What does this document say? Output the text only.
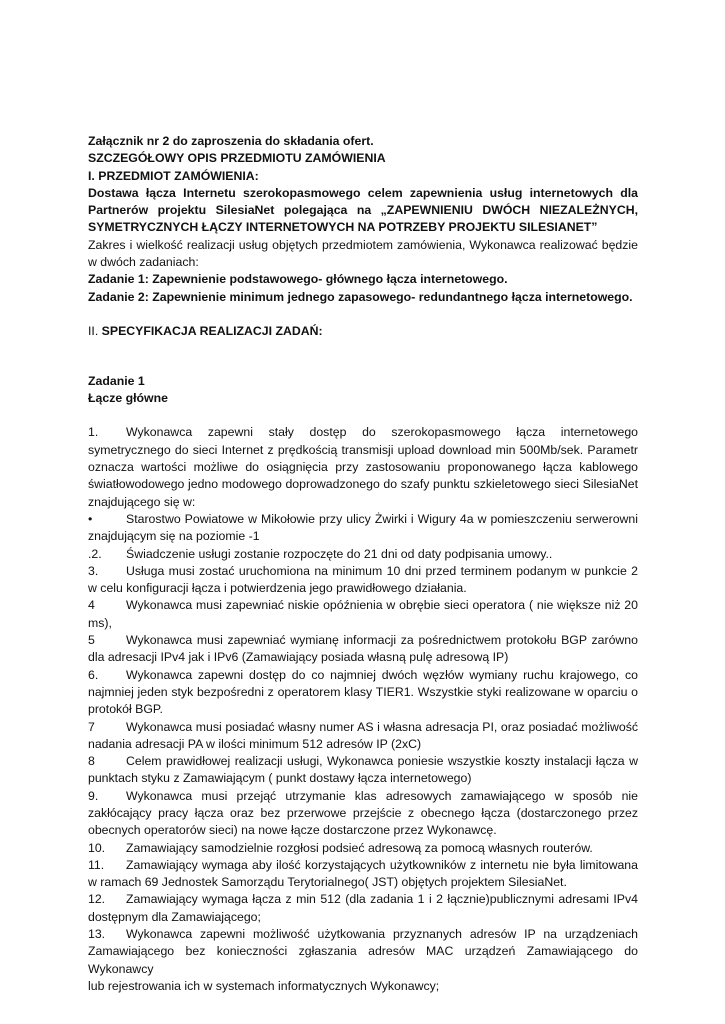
Załącznik nr 2 do zaproszenia do składania ofert.
SZCZEGÓŁOWY OPIS PRZEDMIOTU ZAMÓWIENIA
I. PRZEDMIOT ZAMÓWIENIA:
Dostawa łącza Internetu szerokopasmowego celem zapewnienia usług internetowych dla
Partnerów projektu SilesiaNet polegająca na „ZAPEWNIENIU DWÓCH NIEZALEŻNYCH,
SYMETRYCZNYCH ŁĄCZY INTERNETOWYCH NA POTRZEBY PROJEKTU SILESIANET”
Zakres i wielkość realizacji usług objętych przedmiotem zamówienia, Wykonawca realizować będzie
w dwóch zadaniach:
Zadanie 1: Zapewnienie podstawowego- głównego łącza internetowego.
Zadanie 2: Zapewnienie minimum jednego zapasowego- redundantnego łącza internetowego.
II. SPECYFIKACJA REALIZACJI ZADAŃ:
Zadanie 1
Łącze główne
1.	Wykonawca zapewni stały dostęp do szerokopasmowego łącza internetowego
symetrycznego do sieci Internet z prędkością transmisji upload download min 500Mb/sek. Parametr
oznacza wartości możliwe do osiągnięcia przy zastosowaniu proponowanego łącza kablowego
światłowodowego jedno modowego doprowadzonego do szafy punktu szkieletowego sieci SilesiaNet
znajdującego się w:
•	Starostwo Powiatowe w Mikołowie przy ulicy Żwirki i Wigury 4a w pomieszczeniu serwerowni
znajdującym się na poziomie -1
.2.	Świadczenie usługi zostanie rozpoczęte do 21 dni od daty podpisania umowy..
3.	Usługa musi zostać uruchomiona na minimum 10 dni przed terminem podanym w punkcie 2
w celu konfiguracji łącza i potwierdzenia jego prawidłowego działania.
4	Wykonawca musi zapewniać niskie opóźnienia w obrębie sieci operatora ( nie większe niż 20
ms),
5	Wykonawca musi zapewniać wymianę informacji za pośrednictwem protokołu BGP zarówno
dla adresacji IPv4 jak i IPv6 (Zamawiający posiada własną pulę adresową IP)
6.	Wykonawca zapewni dostęp do co najmniej dwóch węzłów wymiany ruchu krajowego, co
najmniej jeden styk bezpośredni z operatorem klasy TIER1. Wszystkie styki realizowane w oparciu o
protokół BGP.
7	Wykonawca musi posiadać własny numer AS i własna adresacja PI, oraz posiadać możliwość
nadania adresacji PA w ilości minimum 512 adresów IP (2xC)
8	Celem prawidłowej realizacji usługi, Wykonawca poniesie wszystkie koszty instalacji łącza w
punktach styku z Zamawiającym ( punkt dostawy łącza internetowego)
9.	Wykonawca musi przejąć utrzymanie klas adresowych zamawiającego w sposób nie
zakłócający pracy łącza oraz bez przerwowe przejście z obecnego łącza (dostarczonego przez
obecnych operatorów sieci) na nowe łącze dostarczone przez Wykonawcę.
10.	Zamawiający samodzielnie rozgłosi podsieć adresową za pomocą własnych routerów.
11.	Zamawiający wymaga aby ilość korzystających użytkowników z internetu nie była limitowana
w ramach 69 Jednostek Samorządu Terytorialnego( JST) objętych projektem SilesiaNet.
12.	Zamawiający wymaga łącza z min 512 (dla zadania 1 i 2 łącznie)publicznymi adresami IPv4
dostępnym dla Zamawiającego;
13.	Wykonawca zapewni możliwość użytkowania przyznanych adresów IP na urządzeniach
Zamawiającego bez konieczności zgłaszania adresów MAC urządzeń Zamawiającego do Wykonawcy
lub rejestrowania ich w systemach informatycznych Wykonawcy;
